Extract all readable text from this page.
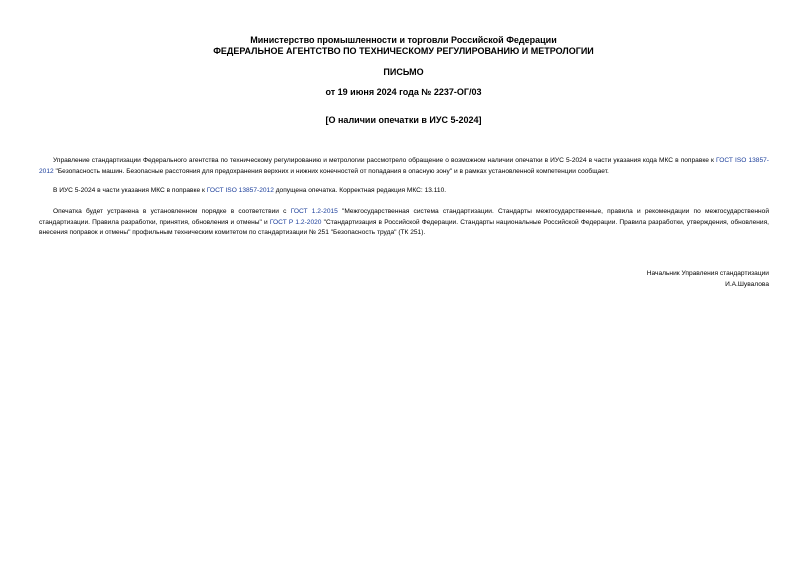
Министерство промышленности и торговли Российской Федерации
ФЕДЕРАЛЬНОЕ АГЕНТСТВО ПО ТЕХНИЧЕСКОМУ РЕГУЛИРОВАНИЮ И МЕТРОЛОГИИ
ПИСЬМО
от 19 июня 2024 года № 2237-ОГ/03
[О наличии опечатки в ИУС 5-2024]
Управление стандартизации Федерального агентства по техническому регулированию и метрологии рассмотрело обращение о возможном наличии опечатки в ИУС 5-2024 в части указания кода МКС в поправке к ГОСТ ISO 13857-2012 "Безопасность машин. Безопасные расстояния для предохранения верхних и нижних конечностей от попадания в опасную зону" и в рамках установленной компетенции сообщает.
В ИУС 5-2024 в части указания МКС в поправке к ГОСТ ISO 13857-2012 допущена опечатка. Корректная редакция МКС: 13.110.
Опечатка будет устранена в установленном порядке в соответствии с ГОСТ 1.2-2015 "Межгосударственная система стандартизации. Стандарты межгосударственные, правила и рекомендации по межгосударственной стандартизации. Правила разработки, принятия, обновления и отмены" и ГОСТ Р 1.2-2020 "Стандартизация в Российской Федерации. Стандарты национальные Российской Федерации. Правила разработки, утверждения, обновления, внесения поправок и отмены" профильным техническим комитетом по стандартизации № 251 "Безопасность труда" (ТК 251).
Начальник Управления стандартизации
И.А.Шувалова
